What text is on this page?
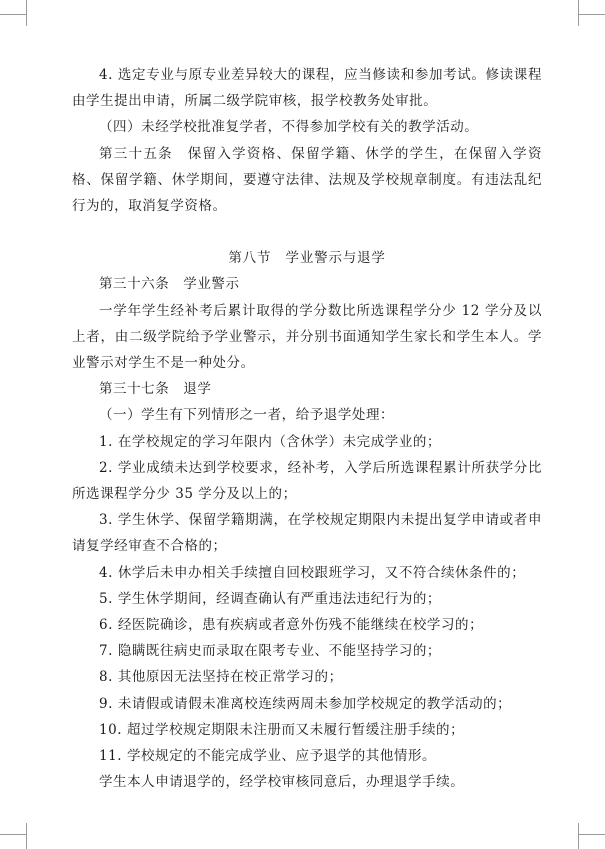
4. 选定专业与原专业差异较大的课程，应当修读和参加考试。修读课程由学生提出申请，所属二级学院审核，报学校教务处审批。

（四）未经学校批准复学者，不得参加学校有关的教学活动。

第三十五条　保留入学资格、保留学籍、休学的学生，在保留入学资格、保留学籍、休学期间，要遵守法律、法规及学校规章制度。有违法乱纪行为的，取消复学资格。

第八节　学业警示与退学

第三十六条　学业警示

一学年学生经补考后累计取得的学分数比所选课程学分少 12 学分及以上者，由二级学院给予学业警示，并分别书面通知学生家长和学生本人。学业警示对学生不是一种处分。

第三十七条　退学

（一）学生有下列情形之一者，给予退学处理：

1. 在学校规定的学习年限内（含休学）未完成学业的；

2. 学业成绩未达到学校要求，经补考，入学后所选课程累计所获学分比所选课程学分少 35 学分及以上的；

3. 学生休学、保留学籍期满，在学校规定期限内未提出复学申请或者申请复学经审查不合格的；

4. 休学后未申办相关手续擅自回校跟班学习，又不符合续休条件的；

5. 学生休学期间，经调查确认有严重违法违纪行为的；

6. 经医院确诊，患有疾病或者意外伤残不能继续在校学习的；

7. 隐瞒既往病史而录取在限考专业、不能坚持学习的；

8. 其他原因无法坚持在校正常学习的；

9. 未请假或请假未准离校连续两周未参加学校规定的教学活动的；

10. 超过学校规定期限未注册而又未履行暂缓注册手续的；

11. 学校规定的不能完成学业、应予退学的其他情形。

学生本人申请退学的，经学校审核同意后，办理退学手续。
